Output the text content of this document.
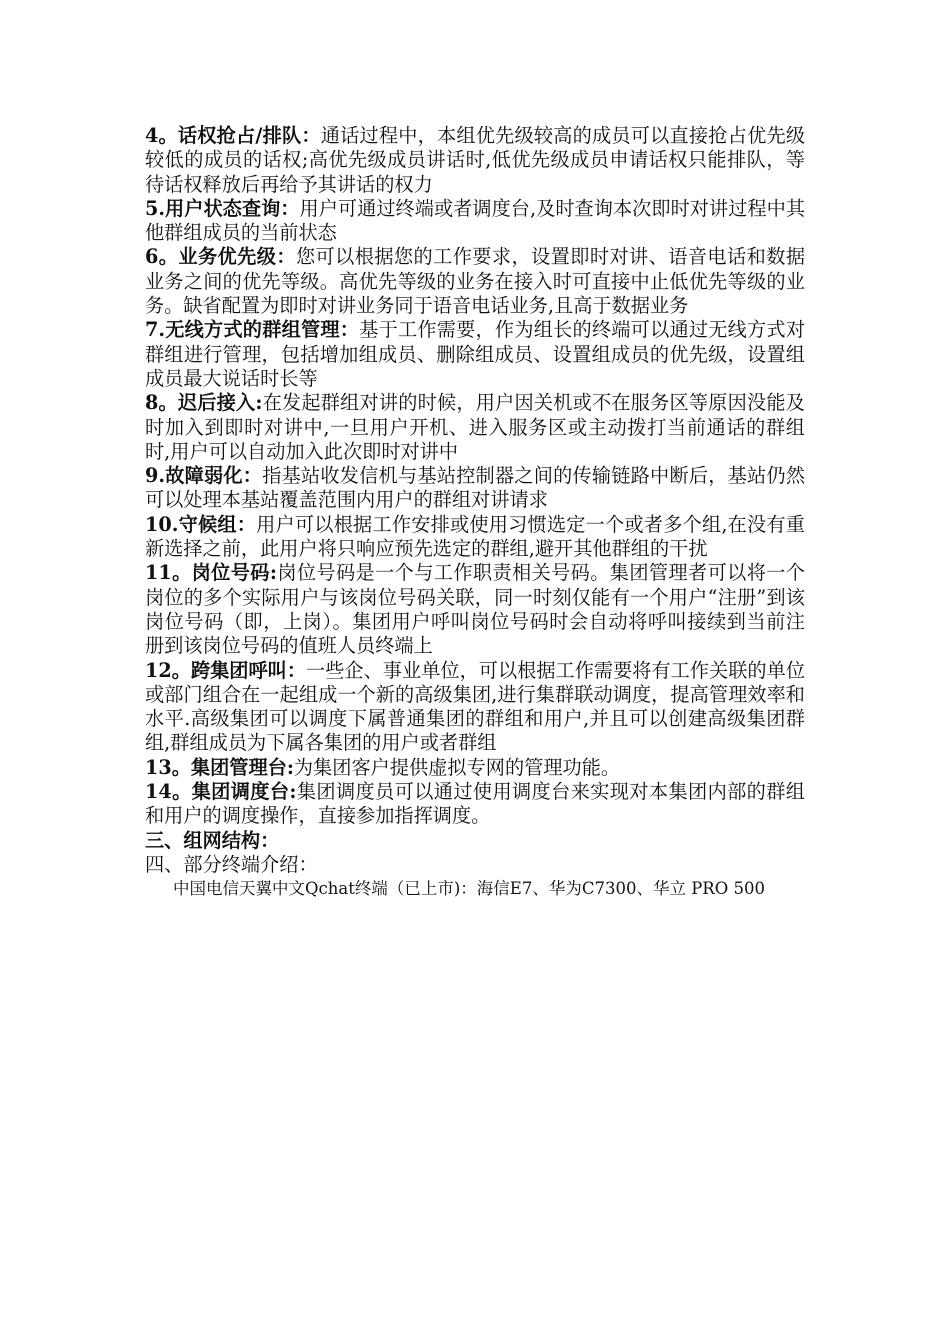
4。话权抢占/排队：通话过程中，本组优先级较高的成员可以直接抢占优先级较低的成员的话权;高优先级成员讲话时,低优先级成员申请话权只能排队，等待话权释放后再给予其讲话的权力

5.用户状态查询：用户可通过终端或者调度台,及时查询本次即时对讲过程中其他群组成员的当前状态

6。业务优先级：您可以根据您的工作要求，设置即时对讲、语音电话和数据业务之间的优先等级。高优先等级的业务在接入时可直接中止低优先等级的业务。缺省配置为即时对讲业务同于语音电话业务,且高于数据业务

7.无线方式的群组管理：基于工作需要，作为组长的终端可以通过无线方式对群组进行管理，包括增加组成员、删除组成员、设置组成员的优先级，设置组成员最大说话时长等

8。迟后接入:在发起群组对讲的时候，用户因关机或不在服务区等原因没能及时加入到即时对讲中,一旦用户开机、进入服务区或主动拨打当前通话的群组时,用户可以自动加入此次即时对讲中

9.故障弱化：指基站收发信机与基站控制器之间的传输链路中断后，基站仍然可以处理本基站覆盖范围内用户的群组对讲请求

10.守候组：用户可以根据工作安排或使用习惯选定一个或者多个组,在没有重新选择之前，此用户将只响应预先选定的群组,避开其他群组的干扰

11。岗位号码:岗位号码是一个与工作职责相关号码。集团管理者可以将一个岗位的多个实际用户与该岗位号码关联，同一时刻仅能有一个用户“注册”到该岗位号码（即，上岗）。集团用户呼叫岗位号码时会自动将呼叫接续到当前注册到该岗位号码的值班人员终端上

12。跨集团呼叫：一些企、事业单位，可以根据工作需要将有工作关联的单位或部门组合在一起组成一个新的高级集团,进行集群联动调度，提高管理效率和水平.高级集团可以调度下属普通集团的群组和用户,并且可以创建高级集团群组,群组成员为下属各集团的用户或者群组

13。集团管理台:为集团客户提供虚拟专网的管理功能。

14。集团调度台:集团调度员可以通过使用调度台来实现对本集团内部的群组和用户的调度操作，直接参加指挥调度。

三、组网结构：

四、部分终端介绍：

中国电信天翼中文Qchat终端（已上市)：海信E7、华为C7300、华立 PRO 500
